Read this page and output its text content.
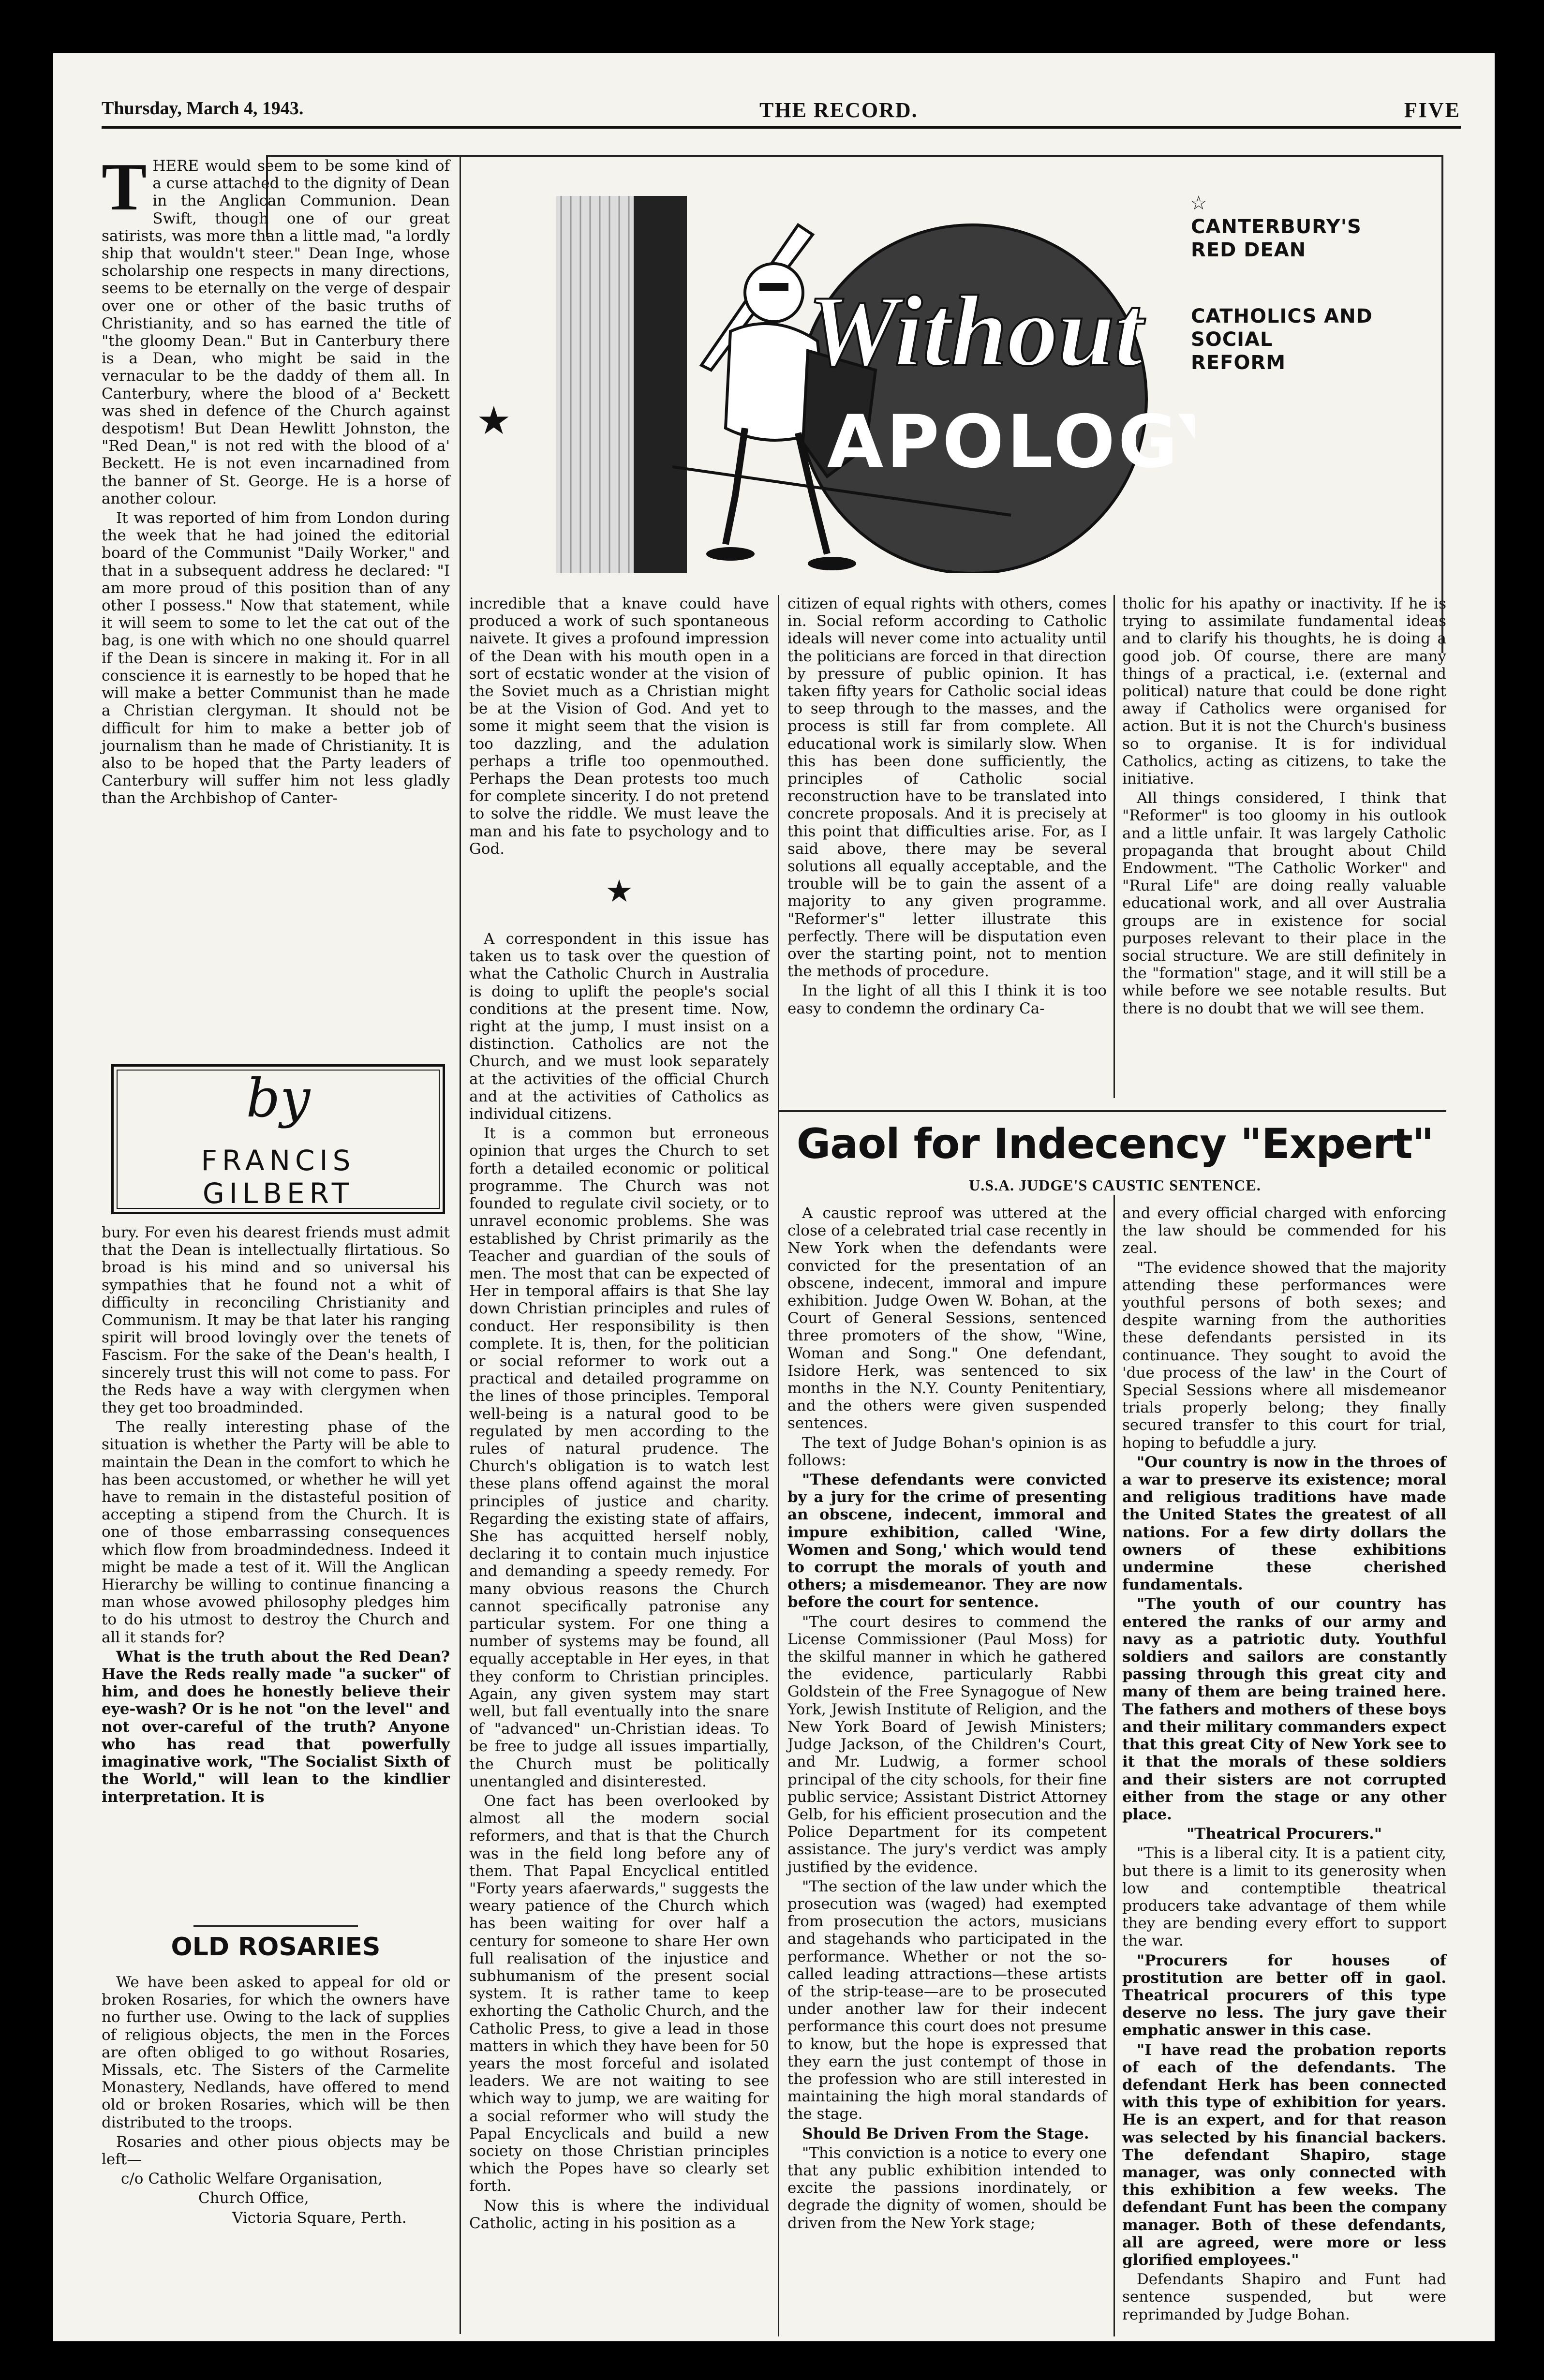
Thursday, March 4, 1943.	THE RECORD.	FIVE

THERE would seem to be some kind of a curse attached to the dignity of Dean in the Anglican Communion. Dean Swift, though one of our great satirists, was more than a little mad, "a lordly ship that wouldn't steer." Dean Inge, whose scholarship one respects in many directions, seems to be eternally on the verge of despair over one or other of the basic truths of Christianity, and so has earned the title of "the gloomy Dean." But in Canterbury there is a Dean, who might be said in the vernacular to be the daddy of them all. In Canterbury, where the blood of a' Beckett was shed in defence of the Church against despotism! But Dean Hewlitt Johnston, the "Red Dean," is not red with the blood of a' Beckett. He is not even incarnadined from the banner of St. George. He is a horse of another colour.

It was reported of him from London during the week that he had joined the editorial board of the Communist "Daily Worker," and that in a subsequent address he declared: "I am more proud of this position than of any other I possess." Now that statement, while it will seem to some to let the cat out of the bag, is one with which no one should quarrel if the Dean is sincere in making it. For in all conscience it is earnestly to be hoped that he will make a better Communist than he made a Christian clergyman. It should not be difficult for him to make a better job of journalism than he made of Christianity. It is also to be hoped that the Party leaders of Canterbury will suffer him not less gladly than the Archbishop of Canter-

by
FRANCIS
GILBERT

bury. For even his dearest friends must admit that the Dean is intellectually flirtatious. So broad is his mind and so universal his sympathies that he found not a whit of difficulty in reconciling Christianity and Communism. It may be that later his ranging spirit will brood lovingly over the tenets of Fascism. For the sake of the Dean's health, I sincerely trust this will not come to pass. For the Reds have a way with clergymen when they get too broadminded.

The really interesting phase of the situation is whether the Party will be able to maintain the Dean in the comfort to which he has been accustomed, or whether he will yet have to remain in the distasteful position of accepting a stipend from the Church. It is one of those embarrassing consequences which flow from broadmindedness. Indeed it might be made a test of it. Will the Anglican Hierarchy be willing to continue financing a man whose avowed philosophy pledges him to do his utmost to destroy the Church and all it stands for?

What is the truth about the Red Dean? Have the Reds really made "a sucker" of him, and does he honestly believe their eye-wash? Or is he not "on the level" and not over-careful of the truth? Anyone who has read that powerfully imaginative work, "The Socialist Sixth of the World," will lean to the kindlier interpretation. It is

OLD ROSARIES

We have been asked to appeal for old or broken Rosaries, for which the owners have no further use. Owing to the lack of supplies of religious objects, the men in the Forces are often obliged to go without Rosaries, Missals, etc. The Sisters of the Carmelite Monastery, Nedlands, have offered to mend old or broken Rosaries, which will be then distributed to the troops.

Rosaries and other pious objects may be left—

c/o Catholic Welfare Organisation,

Church Office,

Victoria Square, Perth.

Without
APOLOGY
★
☆
CANTERBURY'S RED DEAN
CATHOLICS AND SOCIAL REFORM

incredible that a knave could have produced a work of such spontaneous naivete. It gives a profound impression of the Dean with his mouth open in a sort of ecstatic wonder at the vision of the Soviet much as a Christian might be at the Vision of God. And yet to some it might seem that the vision is too dazzling, and the adulation perhaps a trifle too openmouthed. Perhaps the Dean protests too much for complete sincerity. I do not pretend to solve the riddle. We must leave the man and his fate to psychology and to God.

★

A correspondent in this issue has taken us to task over the question of what the Catholic Church in Australia is doing to uplift the people's social conditions at the present time. Now, right at the jump, I must insist on a distinction. Catholics are not the Church, and we must look separately at the activities of the official Church and at the activities of Catholics as individual citizens.

It is a common but erroneous opinion that urges the Church to set forth a detailed economic or political programme. The Church was not founded to regulate civil society, or to unravel economic problems. She was established by Christ primarily as the Teacher and guardian of the souls of men. The most that can be expected of Her in temporal affairs is that She lay down Christian principles and rules of conduct. Her responsibility is then complete. It is, then, for the politician or social reformer to work out a practical and detailed programme on the lines of those principles. Temporal well-being is a natural good to be regulated by men according to the rules of natural prudence. The Church's obligation is to watch lest these plans offend against the moral principles of justice and charity. Regarding the existing state of affairs, She has acquitted herself nobly, declaring it to contain much injustice and demanding a speedy remedy. For many obvious reasons the Church cannot specifically patronise any particular system. For one thing a number of systems may be found, all equally acceptable in Her eyes, in that they conform to Christian principles. Again, any given system may start well, but fall eventually into the snare of "advanced" un-Christian ideas. To be free to judge all issues impartially, the Church must be politically unentangled and disinterested.

One fact has been overlooked by almost all the modern social reformers, and that is that the Church was in the field long before any of them. That Papal Encyclical entitled "Forty years afaerwards," suggests the weary patience of the Church which has been waiting for over half a century for someone to share Her own full realisation of the injustice and subhumanism of the present social system. It is rather tame to keep exhorting the Catholic Church, and the Catholic Press, to give a lead in those matters in which they have been for 50 years the most forceful and isolated leaders. We are not waiting to see which way to jump, we are waiting for a social reformer who will study the Papal Encyclicals and build a new society on those Christian principles which the Popes have so clearly set forth.

Now this is where the individual Catholic, acting in his position as a

citizen of equal rights with others, comes in. Social reform according to Catholic ideals will never come into actuality until the politicians are forced in that direction by pressure of public opinion. It has taken fifty years for Catholic social ideas to seep through to the masses, and the process is still far from complete. All educational work is similarly slow. When this has been done sufficiently, the principles of Catholic social reconstruction have to be translated into concrete proposals. And it is precisely at this point that difficulties arise. For, as I said above, there may be several solutions all equally acceptable, and the trouble will be to gain the assent of a majority to any given programme. "Reformer's" letter illustrate this perfectly. There will be disputation even over the starting point, not to mention the methods of procedure.

In the light of all this I think it is too easy to condemn the ordinary Ca-

tholic for his apathy or inactivity. If he is trying to assimilate fundamental ideas and to clarify his thoughts, he is doing a good job. Of course, there are many things of a practical, i.e. (external and political) nature that could be done right away if Catholics were organised for action. But it is not the Church's business so to organise. It is for individual Catholics, acting as citizens, to take the initiative.

All things considered, I think that "Reformer" is too gloomy in his outlook and a little unfair. It was largely Catholic propaganda that brought about Child Endowment. "The Catholic Worker" and "Rural Life" are doing really valuable educational work, and all over Australia groups are in existence for social purposes relevant to their place in the social structure. We are still definitely in the "formation" stage, and it will still be a while before we see notable results. But there is no doubt that we will see them.

Gaol for Indecency "Expert"
U.S.A. JUDGE'S CAUSTIC SENTENCE.

A caustic reproof was uttered at the close of a celebrated trial case recently in New York when the defendants were convicted for the presentation of an obscene, indecent, immoral and impure exhibition. Judge Owen W. Bohan, at the Court of General Sessions, sentenced three promoters of the show, "Wine, Woman and Song." One defendant, Isidore Herk, was sentenced to six months in the N.Y. County Penitentiary, and the others were given suspended sentences.

The text of Judge Bohan's opinion is as follows:

"These defendants were convicted by a jury for the crime of presenting an obscene, indecent, immoral and impure exhibition, called 'Wine, Women and Song,' which would tend to corrupt the morals of youth and others; a misdemeanor. They are now before the court for sentence.

"The court desires to commend the License Commissioner (Paul Moss) for the skilful manner in which he gathered the evidence, particularly Rabbi Goldstein of the Free Synagogue of New York, Jewish Institute of Religion, and the New York Board of Jewish Ministers; Judge Jackson, of the Children's Court, and Mr. Ludwig, a former school principal of the city schools, for their fine public service; Assistant District Attorney Gelb, for his efficient prosecution and the Police Department for its competent assistance. The jury's verdict was amply justified by the evidence.

"The section of the law under which the prosecution was (waged) had exempted from prosecution the actors, musicians and stagehands who participated in the performance. Whether or not the so-called leading attractions—these artists of the strip-tease—are to be prosecuted under another law for their indecent performance this court does not presume to know, but the hope is expressed that they earn the just contempt of those in the profession who are still interested in maintaining the high moral standards of the stage.

Should Be Driven From the Stage.

"This conviction is a notice to every one that any public exhibition intended to excite the passions inordinately, or degrade the dignity of women, should be driven from the New York stage;

and every official charged with enforcing the law should be commended for his zeal.

"The evidence showed that the majority attending these performances were youthful persons of both sexes; and despite warning from the authorities these defendants persisted in its continuance. They sought to avoid the 'due process of the law' in the Court of Special Sessions where all misdemeanor trials properly belong; they finally secured transfer to this court for trial, hoping to befuddle a jury.

"Our country is now in the throes of a war to preserve its existence; moral and religious traditions have made the United States the greatest of all nations. For a few dirty dollars the owners of these exhibitions undermine these cherished fundamentals.

"The youth of our country has entered the ranks of our army and navy as a patriotic duty. Youthful soldiers and sailors are constantly passing through this great city and many of them are being trained here. The fathers and mothers of these boys and their military commanders expect that this great City of New York see to it that the morals of these soldiers and their sisters are not corrupted either from the stage or any other place.

"Theatrical Procurers."

"This is a liberal city. It is a patient city, but there is a limit to its generosity when low and contemptible theatrical producers take advantage of them while they are bending every effort to support the war.

"Procurers for houses of prostitution are better off in gaol. Theatrical procurers of this type deserve no less. The jury gave their emphatic answer in this case.

"I have read the probation reports of each of the defendants. The defendant Herk has been connected with this type of exhibition for years. He is an expert, and for that reason was selected by his financial backers. The defendant Shapiro, stage manager, was only connected with this exhibition a few weeks. The defendant Funt has been the company manager. Both of these defendants, all are agreed, were more or less glorified employees."

Defendants Shapiro and Funt had sentence suspended, but were reprimanded by Judge Bohan.
